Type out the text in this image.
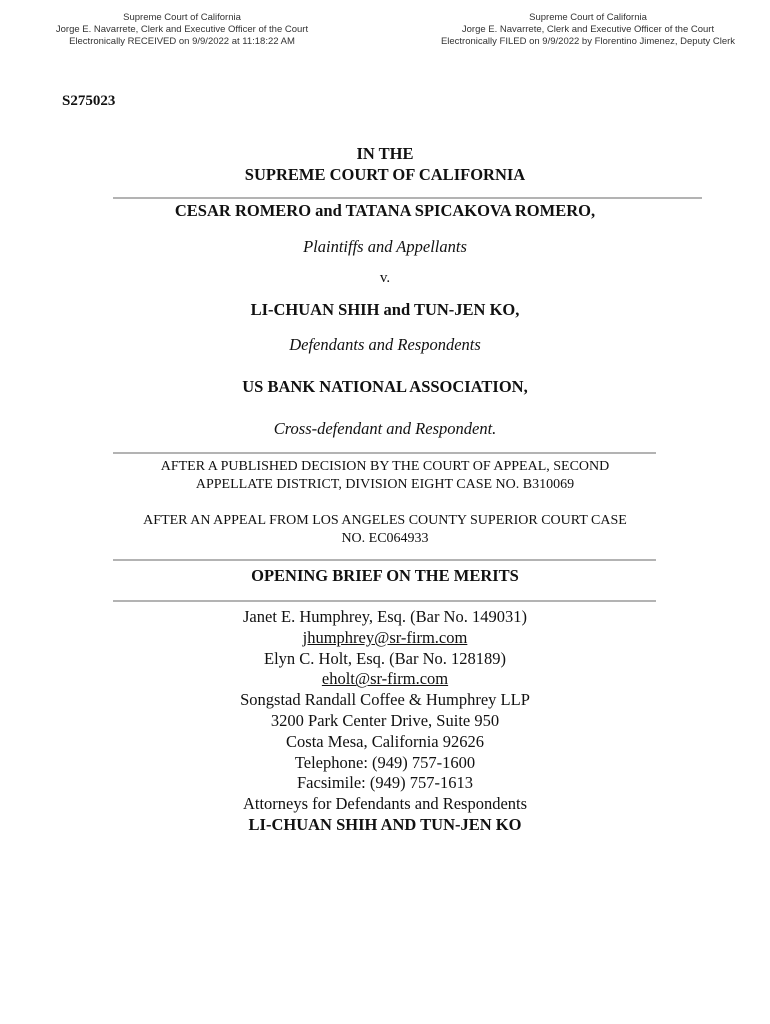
Supreme Court of California
Jorge E. Navarrete, Clerk and Executive Officer of the Court
Electronically RECEIVED on 9/9/2022 at 11:18:22 AM
Supreme Court of California
Jorge E. Navarrete, Clerk and Executive Officer of the Court
Electronically FILED on 9/9/2022 by Florentino Jimenez, Deputy Clerk
S275023
IN THE
SUPREME COURT OF CALIFORNIA
CESAR ROMERO and TATANA SPICAKOVA ROMERO,
Plaintiffs and Appellants
v.
LI-CHUAN SHIH and TUN-JEN KO,
Defendants and Respondents
US BANK NATIONAL ASSOCIATION,
Cross-defendant and Respondent.
AFTER A PUBLISHED DECISION BY THE COURT OF APPEAL, SECOND
APPELLATE DISTRICT, DIVISION EIGHT CASE NO. B310069
AFTER AN APPEAL FROM LOS ANGELES COUNTY SUPERIOR COURT CASE
NO. EC064933
OPENING BRIEF ON THE MERITS
Janet E. Humphrey, Esq. (Bar No. 149031)
jhumphrey@sr-firm.com
Elyn C. Holt, Esq. (Bar No. 128189)
eholt@sr-firm.com
Songstad Randall Coffee & Humphrey LLP
3200 Park Center Drive, Suite 950
Costa Mesa, California 92626
Telephone: (949) 757-1600
Facsimile: (949) 757-1613
Attorneys for Defendants and Respondents
LI-CHUAN SHIH AND TUN-JEN KO
